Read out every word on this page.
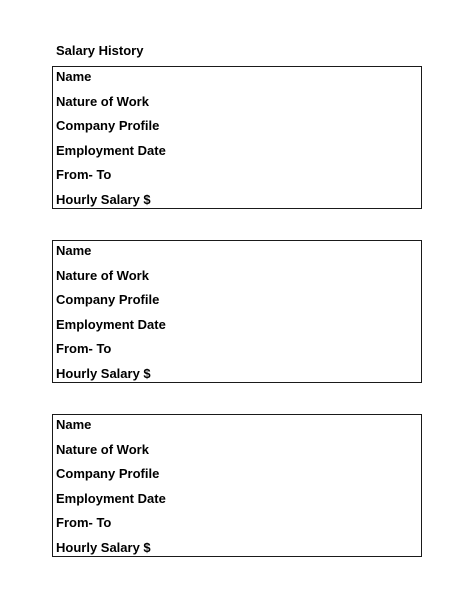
Salary History
Name
Nature of Work
Company Profile
Employment Date
From- To
Hourly Salary $
Name
Nature of Work
Company Profile
Employment Date
From- To
Hourly Salary $
Name
Nature of Work
Company Profile
Employment Date
From- To
Hourly Salary $
